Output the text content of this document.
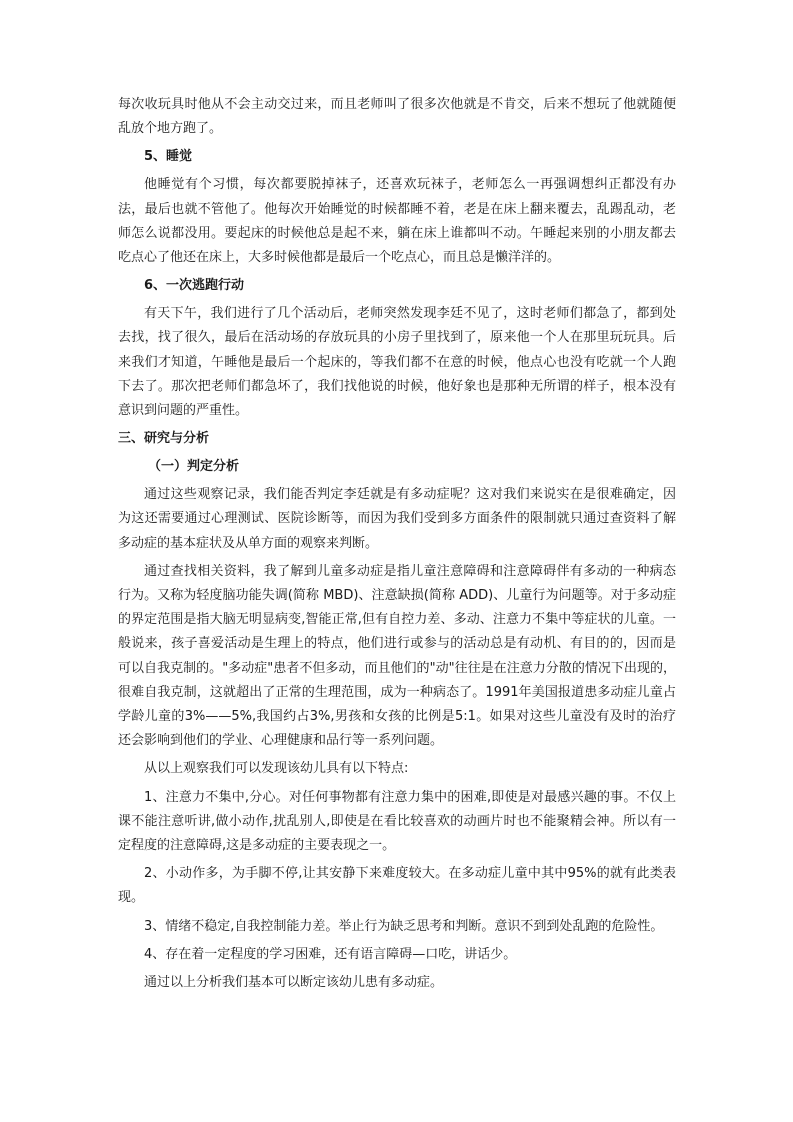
每次收玩具时他从不会主动交过来，而且老师叫了很多次他就是不肯交，后来不想玩了他就随便乱放个地方跑了。

5、睡觉

他睡觉有个习惯，每次都要脱掉袜子，还喜欢玩袜子，老师怎么一再强调想纠正都没有办法，最后也就不管他了。他每次开始睡觉的时候都睡不着，老是在床上翻来覆去，乱踢乱动，老师怎么说都没用。要起床的时候他总是起不来，躺在床上谁都叫不动。午睡起来别的小朋友都去吃点心了他还在床上，大多时候他都是最后一个吃点心，而且总是懒洋洋的。

6、一次逃跑行动

有天下午，我们进行了几个活动后，老师突然发现李廷不见了，这时老师们都急了，都到处去找，找了很久，最后在活动场的存放玩具的小房子里找到了，原来他一个人在那里玩玩具。后来我们才知道，午睡他是最后一个起床的，等我们都不在意的时候，他点心也没有吃就一个人跑下去了。那次把老师们都急坏了，我们找他说的时候，他好象也是那种无所谓的样子，根本没有意识到问题的严重性。

三、研究与分析
（一）判定分析

通过这些观察记录，我们能否判定李廷就是有多动症呢？这对我们来说实在是很难确定，因为这还需要通过心理测试、医院诊断等，而因为我们受到多方面条件的限制就只通过查资料了解多动症的基本症状及从单方面的观察来判断。

通过查找相关资料，我了解到儿童多动症是指儿童注意障碍和注意障碍伴有多动的一种病态行为。又称为轻度脑功能失调(简称 MBD)、注意缺损(简称 ADD)、儿童行为问题等。对于多动症的界定范围是指大脑无明显病变,智能正常,但有自控力差、多动、注意力不集中等症状的儿童。一般说来，孩子喜爱活动是生理上的特点，他们进行或参与的活动总是有动机、有目的的，因而是可以自我克制的。"多动症"患者不但多动，而且他们的"动"往往是在注意力分散的情况下出现的，很难自我克制，这就超出了正常的生理范围，成为一种病态了。1991年美国报道患多动症儿童占学龄儿童的3%——5%,我国约占3%,男孩和女孩的比例是5:1。如果对这些儿童没有及时的治疗还会影响到他们的学业、心理健康和品行等一系列问题。

从以上观察我们可以发现该幼儿具有以下特点:

1、注意力不集中,分心。对任何事物都有注意力集中的困难,即使是对最感兴趣的事。不仅上课不能注意听讲,做小动作,扰乱别人,即使是在看比较喜欢的动画片时也不能聚精会神。所以有一定程度的注意障碍,这是多动症的主要表现之一。

2、小动作多，为手脚不停,让其安静下来难度较大。在多动症儿童中其中95%的就有此类表现。

3、情绪不稳定,自我控制能力差。举止行为缺乏思考和判断。意识不到到处乱跑的危险性。

4、存在着一定程度的学习困难，还有语言障碍—口吃，讲话少。

通过以上分析我们基本可以断定该幼儿患有多动症。
